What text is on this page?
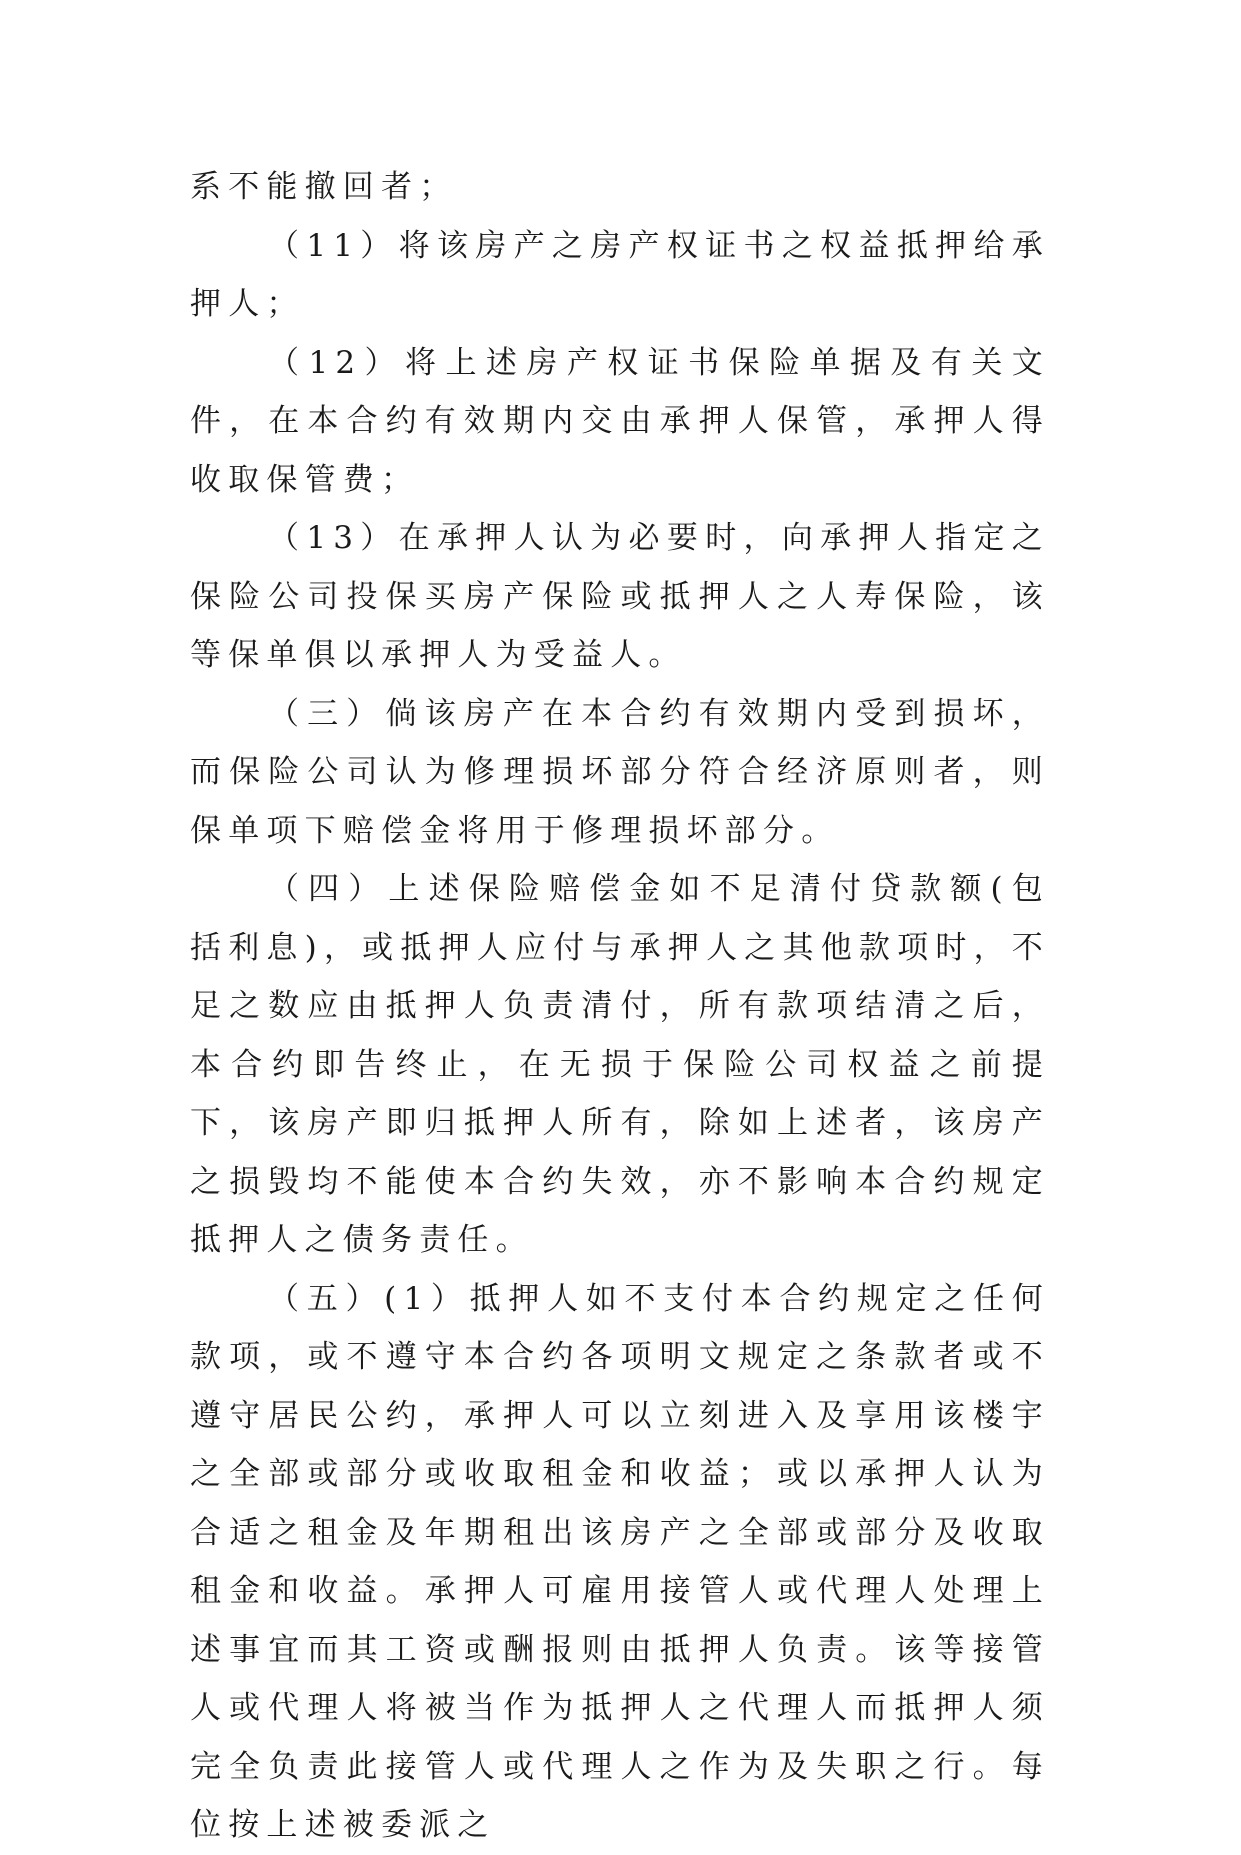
系不能撤回者；

（11）将该房产之房产权证书之权益抵押给承押人；

（12）将上述房产权证书保险单据及有关文件，在本合约有效期内交由承押人保管，承押人得收取保管费；

（13）在承押人认为必要时，向承押人指定之保险公司投保买房产保险或抵押人之人寿保险，该等保单俱以承押人为受益人。

（三）倘该房产在本合约有效期内受到损坏，而保险公司认为修理损坏部分符合经济原则者，则保单项下赔偿金将用于修理损坏部分。

（四）上述保险赔偿金如不足清付贷款额(包括利息)，或抵押人应付与承押人之其他款项时，不足之数应由抵押人负责清付，所有款项结清之后，本合约即告终止，在无损于保险公司权益之前提下，该房产即归抵押人所有，除如上述者，该房产之损毁均不能使本合约失效，亦不影响本合约规定抵押人之债务责任。

（五）(1）抵押人如不支付本合约规定之任何款项，或不遵守本合约各项明文规定之条款者或不遵守居民公约，承押人可以立刻进入及享用该楼宇之全部或部分或收取租金和收益；或以承押人认为合适之租金及年期租出该房产之全部或部分及收取租金和收益。承押人可雇用接管人或代理人处理上述事宜而其工资或酬报则由抵押人负责。该等接管人或代理人将被当作为抵押人之代理人而抵押人须完全负责此接管人或代理人之作为及失职之行。每位按上述被委派之
